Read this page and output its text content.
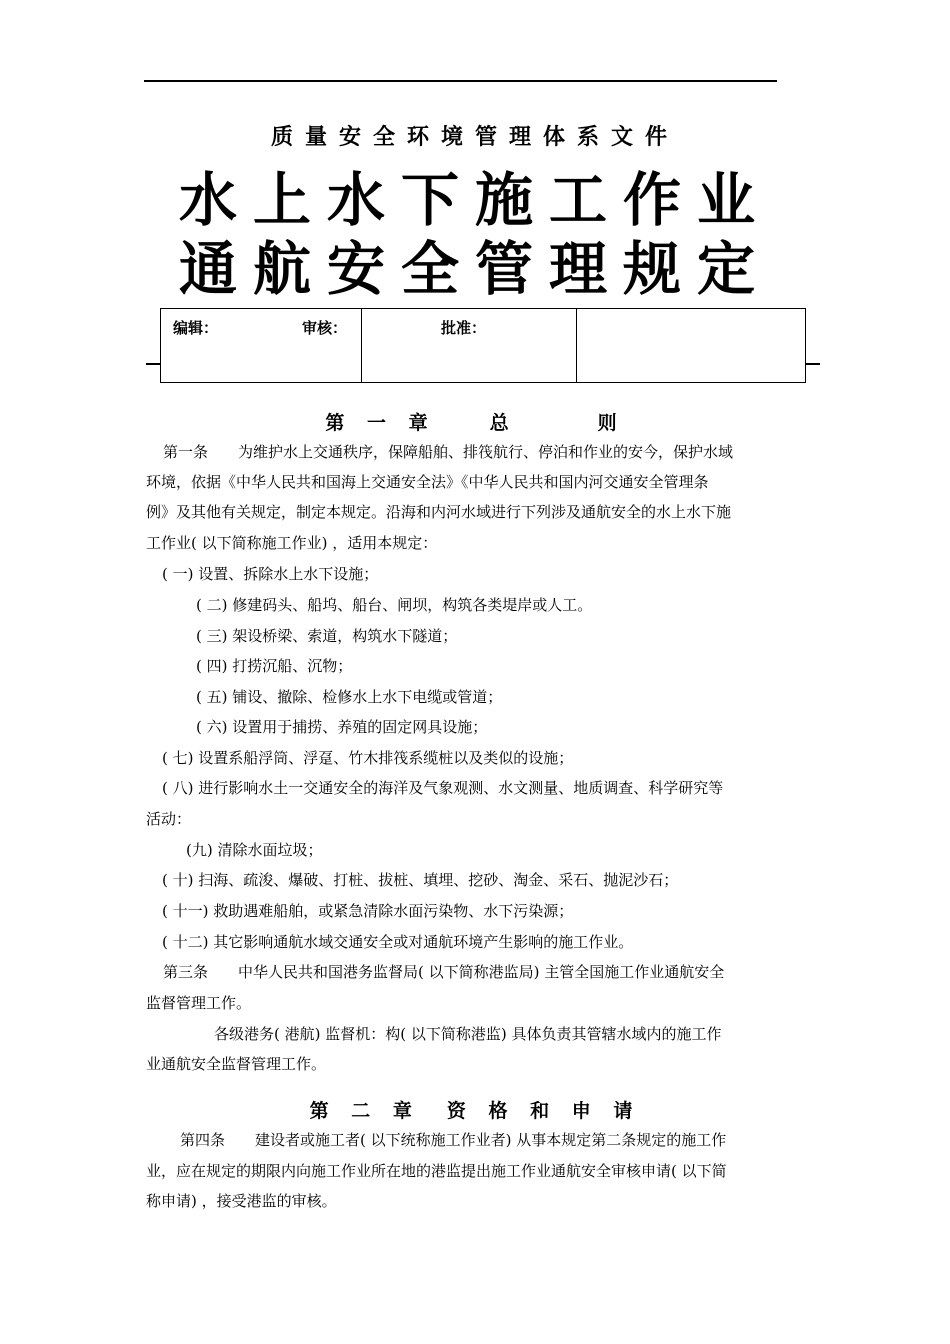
质量安全环境管理体系文件
水上水下施工作业
通航安全管理规定
编辑：	审核：	批准：
第 一 章　　总　　　则
第一条　　为维护水上交通秩序，保障船舶、排筏航行、停泊和作业的安今，保护水域
环境，依据《中华人民共和国海上交通安全法》《中华人民共和国内河交通安全管理条
例》及其他有关规定，制定本规定。沿海和内河水域进行下列涉及通航安全的水上水下施
工作业( 以下简称施工作业) ，适用本规定：
( 一) 设置、拆除水上水下设施；
( 二) 修建码头、船坞、船台、闸坝，构筑各类堤岸或人工。
( 三) 架设桥梁、索道，构筑水下隧道；
( 四) 打捞沉船、沉物；
( 五) 铺设、撤除、检修水上水下电缆或管道；
( 六) 设置用于捕捞、养殖的固定网具设施；
( 七) 设置系船浮筒、浮趸、竹木排筏系缆桩以及类似的设施；
( 八) 进行影响水土一交通安全的海洋及气象观测、水文测量、地质调查、科学研究等
活动：
(九) 清除水面垃圾；
( 十) 扫海、疏浚、爆破、打桩、拔桩、填埋、挖砂、淘金、采石、抛泥沙石；
( 十一) 救助遇难船舶，或紧急清除水面污染物、水下污染源；
( 十二) 其它影响通航水域交通安全或对通航环境产生影响的施工作业。
第三条　　中华人民共和国港务监督局( 以下简称港监局) 主管全国施工作业通航安全
监督管理工作。
各级港务( 港航) 监督机：构( 以下简称港监) 具体负责其管辖水域内的施工作
业通航安全监督管理工作。
第 二 章　资 格 和 申 请
第四条　　建设者或施工者( 以下统称施工作业者) 从事本规定第二条规定的施工作
业，应在规定的期限内向施工作业所在地的港监提出施工作业通航安全审核申请( 以下简
称申请) ，接受港监的审核。
